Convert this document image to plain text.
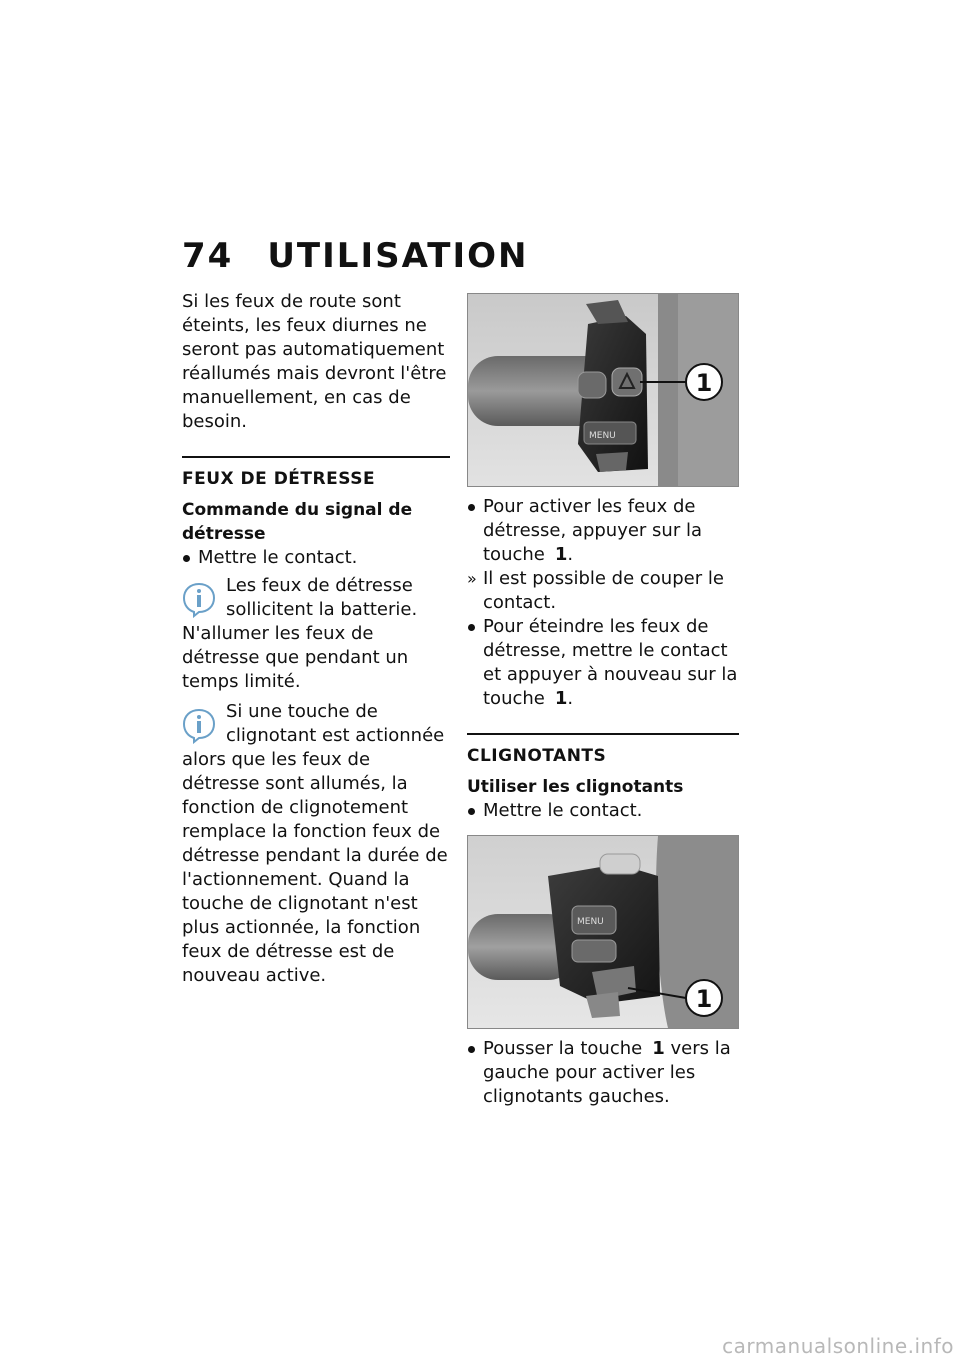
74 UTILISATION

Si les feux de route sont éteints, les feux diurnes ne seront pas automatiquement réallumés mais devront l'être manuellement, en cas de besoin.

FEUX DE DÉTRESSE

Commande du signal de détresse

Mettre le contact.

Les feux de détresse sollicitent la batterie. N'allumer les feux de détresse que pendant un temps limité.
Si une touche de clignotant est actionnée alors que les feux de détresse sont allumés, la fonction de clignotement remplace la fonction feux de détresse pendant la durée de l'actionnement. Quand la touche de clignotant n'est plus actionnée, la fonction feux de détresse est de nouveau active.
MENU
1

Pour activer les feux de détresse, appuyer sur la touche 1.

» Il est possible de couper le contact.

Pour éteindre les feux de détresse, mettre le contact et appuyer à nouveau sur la touche 1.

CLIGNOTANTS

Utiliser les clignotants

Mettre le contact.

MENU
1

Pousser la touche 1 vers la gauche pour activer les clignotants gauches.

carmanualsonline.info
